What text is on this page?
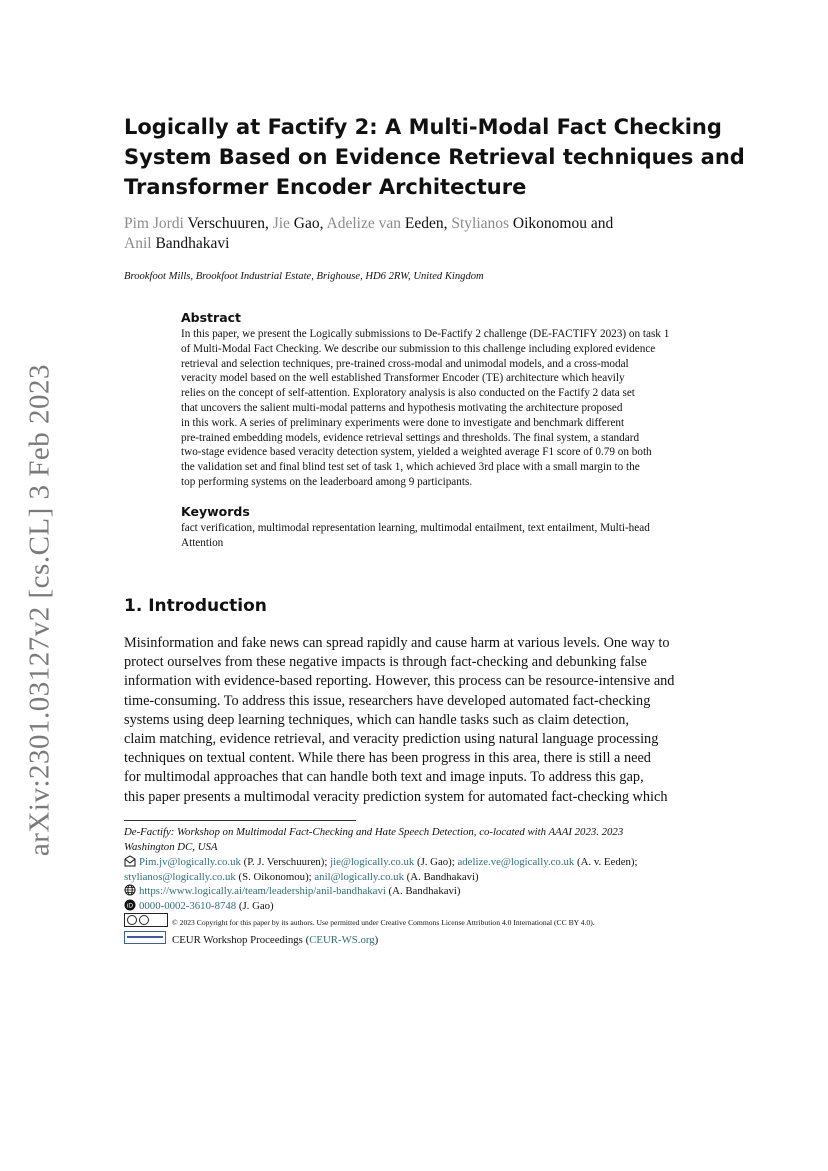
arXiv:2301.03127v2 [cs.CL] 3 Feb 2023
Logically at Factify 2: A Multi-Modal Fact Checking
System Based on Evidence Retrieval techniques and
Transformer Encoder Architecture
Pim Jordi Verschuuren, Jie Gao, Adelize van Eeden, Stylianos Oikonomou and
Anil Bandhakavi
Brookfoot Mills, Brookfoot Industrial Estate, Brighouse, HD6 2RW, United Kingdom
Abstract
In this paper, we present the Logically submissions to De-Factify 2 challenge (DE-FACTIFY 2023) on task 1
of Multi-Modal Fact Checking. We describe our submission to this challenge including explored evidence
retrieval and selection techniques, pre-trained cross-modal and unimodal models, and a cross-modal
veracity model based on the well established Transformer Encoder (TE) architecture which heavily
relies on the concept of self-attention. Exploratory analysis is also conducted on the Factify 2 data set
that uncovers the salient multi-modal patterns and hypothesis motivating the architecture proposed
in this work. A series of preliminary experiments were done to investigate and benchmark different
pre-trained embedding models, evidence retrieval settings and thresholds. The final system, a standard
two-stage evidence based veracity detection system, yielded a weighted average F1 score of 0.79 on both
the validation set and final blind test set of task 1, which achieved 3rd place with a small margin to the
top performing systems on the leaderboard among 9 participants.
Keywords
fact verification, multimodal representation learning, multimodal entailment, text entailment, Multi-head
Attention
1. Introduction
Misinformation and fake news can spread rapidly and cause harm at various levels. One way to
protect ourselves from these negative impacts is through fact-checking and debunking false
information with evidence-based reporting. However, this process can be resource-intensive and
time-consuming. To address this issue, researchers have developed automated fact-checking
systems using deep learning techniques, which can handle tasks such as claim detection,
claim matching, evidence retrieval, and veracity prediction using natural language processing
techniques on textual content. While there has been progress in this area, there is still a need
for multimodal approaches that can handle both text and image inputs. To address this gap,
this paper presents a multimodal veracity prediction system for automated fact-checking which
De-Factify: Workshop on Multimodal Fact-Checking and Hate Speech Detection, co-located with AAAI 2023. 2023
Washington DC, USA
Pim.jv@logically.co.uk (P. J. Verschuuren); jie@logically.co.uk (J. Gao); adelize.ve@logically.co.uk (A. v. Eeden);
stylianos@logically.co.uk (S. Oikonomou); anil@logically.co.uk (A. Bandhakavi)
https://www.logically.ai/team/leadership/anil-bandhakavi (A. Bandhakavi)
iD 0000-0002-3610-8748 (J. Gao)
© 2023 Copyright for this paper by its authors. Use permitted under Creative Commons License Attribution 4.0 International (CC BY 4.0).
CEUR Workshop Proceedings (CEUR-WS.org)
